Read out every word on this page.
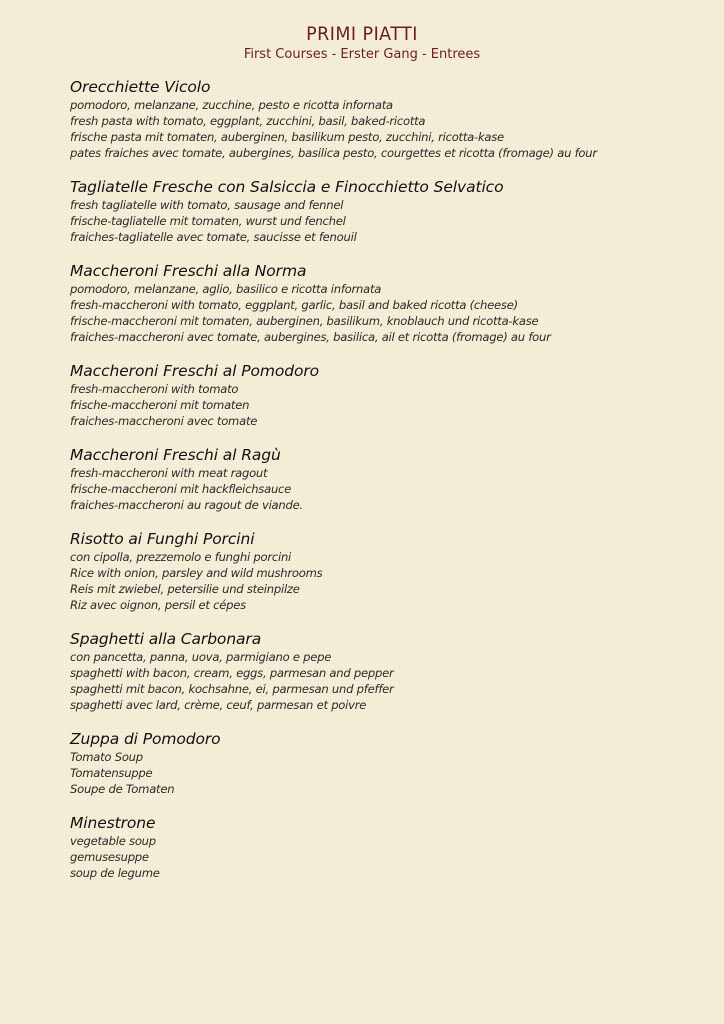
PRIMI PIATTI

First Courses - Erster Gang - Entrees

Orecchiette Vicolo

pomodoro, melanzane, zucchine, pesto e ricotta infornata

fresh pasta with tomato, eggplant, zucchini, basil, baked-ricotta

frische pasta mit tomaten, auberginen, basilikum pesto, zucchini, ricotta-kase

pates fraiches avec tomate, aubergines, basilica pesto, courgettes et ricotta (fromage) au four

Tagliatelle Fresche con Salsiccia e Finocchietto Selvatico

fresh tagliatelle with tomato, sausage and fennel

frische-tagliatelle mit tomaten, wurst und fenchel

fraiches-tagliatelle avec tomate, saucisse et fenouil

Maccheroni Freschi alla Norma

pomodoro, melanzane, aglio, basilico e ricotta infornata

fresh-maccheroni with tomato, eggplant, garlic, basil and baked ricotta (cheese)

frische-maccheroni mit tomaten, auberginen, basilikum, knoblauch und ricotta-kase

fraiches-maccheroni avec tomate, aubergines, basilica, ail et ricotta (fromage) au four

Maccheroni Freschi al Pomodoro

fresh-maccheroni with tomato

frische-maccheroni mit tomaten

fraiches-maccheroni avec tomate

Maccheroni Freschi al Ragù

fresh-maccheroni with meat ragout

frische-maccheroni mit hackfleichsauce

fraiches-maccheroni au ragout de viande.

Risotto ai Funghi Porcini

con cipolla, prezzemolo e funghi porcini

Rice with onion, parsley and wild mushrooms

Reis mit zwiebel, petersilie und steinpilze

Riz avec oignon, persil et cépes

Spaghetti alla Carbonara

con pancetta, panna, uova, parmigiano e pepe

spaghetti with bacon, cream, eggs, parmesan and pepper

spaghetti mit bacon, kochsahne, ei, parmesan und pfeffer

spaghetti avec lard, crème, ceuf, parmesan et poivre

Zuppa di Pomodoro

Tomato Soup

Tomatensuppe

Soupe de Tomaten

Minestrone

vegetable soup

gemusesuppe

soup de legume
